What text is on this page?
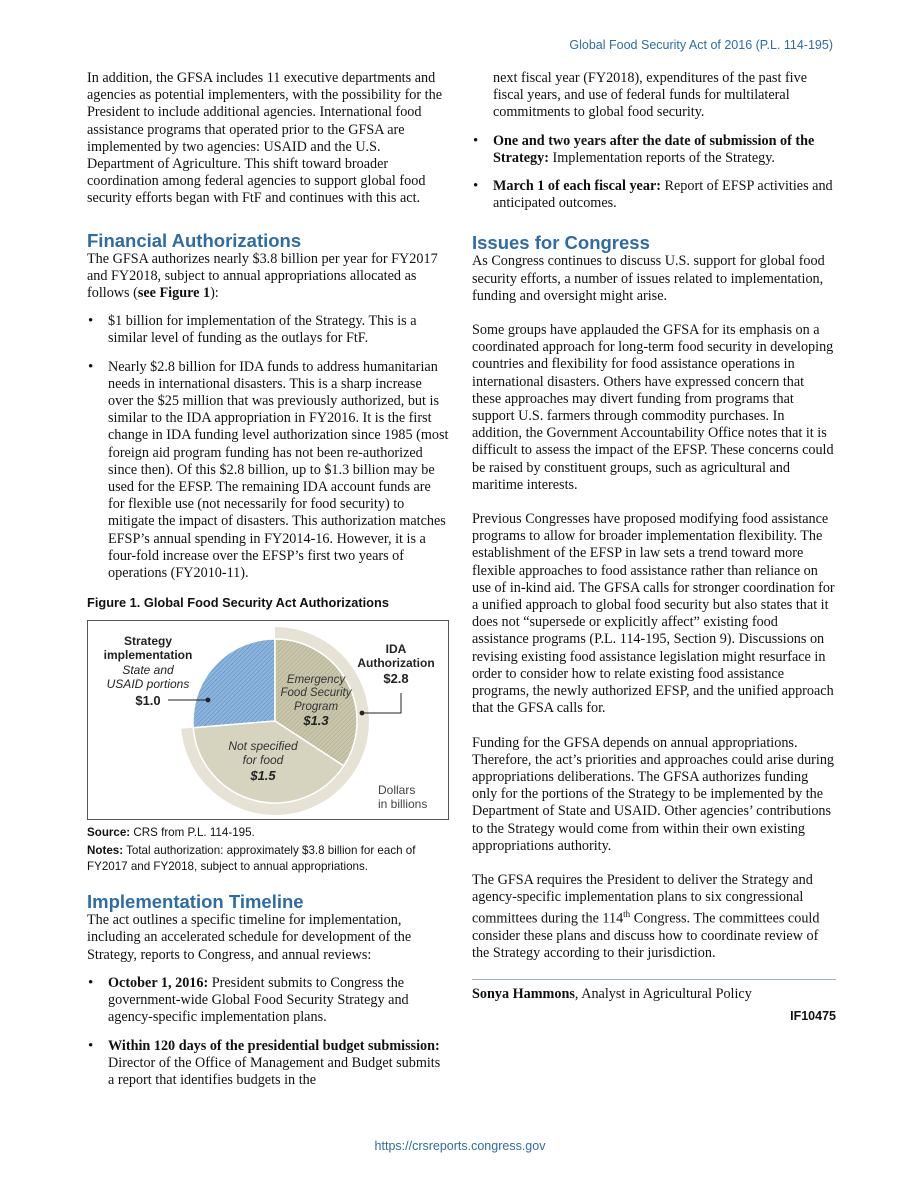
Global Food Security Act of 2016 (P.L. 114-195)

In addition, the GFSA includes 11 executive departments and agencies as potential implementers, with the possibility for the President to include additional agencies. International food assistance programs that operated prior to the GFSA are implemented by two agencies: USAID and the U.S. Department of Agriculture. This shift toward broader coordination among federal agencies to support global food security efforts began with FtF and continues with this act.

Financial Authorizations

The GFSA authorizes nearly $3.8 billion per year for FY2017 and FY2018, subject to annual appropriations allocated as follows (see Figure 1):

• $1 billion for implementation of the Strategy. This is a similar level of funding as the outlays for FtF.
• Nearly $2.8 billion for IDA funds to address humanitarian needs in international disasters. This is a sharp increase over the $25 million that was previously authorized, but is similar to the IDA appropriation in FY2016. It is the first change in IDA funding level authorization since 1985 (most foreign aid program funding has not been re-authorized since then). Of this $2.8 billion, up to $1.3 billion may be used for the EFSP. The remaining IDA account funds are for flexible use (not necessarily for food security) to mitigate the impact of disasters. This authorization matches EFSP’s annual spending in FY2014-16. However, it is a four-fold increase over the EFSP’s first two years of operations (FY2010-11).
Figure 1. Global Food Security Act Authorizations
Strategy
implementation
State and
USAID portions
$1.0
IDA
Authorization
$2.8
Emergency
Food Security
Program
$1.3
Not specified
for food
$1.5
Dollars
in billions
Source: CRS from P.L. 114-195.
Notes: Total authorization: approximately $3.8 billion for each of FY2017 and FY2018, subject to annual appropriations.
Implementation Timeline

The act outlines a specific timeline for implementation, including an accelerated schedule for development of the Strategy, reports to Congress, and annual reviews:

• October 1, 2016: President submits to Congress the government-wide Global Food Security Strategy and agency-specific implementation plans.
• Within 120 days of the presidential budget submission: Director of the Office of Management and Budget submits a report that identifies budgets in the

next fiscal year (FY2018), expenditures of the past five fiscal years, and use of federal funds for multilateral commitments to global food security.

• One and two years after the date of submission of the Strategy: Implementation reports of the Strategy.
• March 1 of each fiscal year: Report of EFSP activities and anticipated outcomes.
Issues for Congress

As Congress continues to discuss U.S. support for global food security efforts, a number of issues related to implementation, funding and oversight might arise.

Some groups have applauded the GFSA for its emphasis on a coordinated approach for long-term food security in developing countries and flexibility for food assistance operations in international disasters. Others have expressed concern that these approaches may divert funding from programs that support U.S. farmers through commodity purchases. In addition, the Government Accountability Office notes that it is difficult to assess the impact of the EFSP. These concerns could be raised by constituent groups, such as agricultural and maritime interests.

Previous Congresses have proposed modifying food assistance programs to allow for broader implementation flexibility. The establishment of the EFSP in law sets a trend toward more flexible approaches to food assistance rather than reliance on use of in-kind aid. The GFSA calls for stronger coordination for a unified approach to global food security but also states that it does not “supersede or explicitly affect” existing food assistance programs (P.L. 114-195, Section 9). Discussions on revising existing food assistance legislation might resurface in order to consider how to relate existing food assistance programs, the newly authorized EFSP, and the unified approach that the GFSA calls for.

Funding for the GFSA depends on annual appropriations. Therefore, the act’s priorities and approaches could arise during appropriations deliberations. The GFSA authorizes funding only for the portions of the Strategy to be implemented by the Department of State and USAID. Other agencies’ contributions to the Strategy would come from within their own existing appropriations authority.

The GFSA requires the President to deliver the Strategy and agency-specific implementation plans to six congressional committees during the 114th Congress. The committees could consider these plans and discuss how to coordinate review of the Strategy according to their jurisdiction.

Sonya Hammons, Analyst in Agricultural Policy
IF10475
https://crsreports.congress.gov
